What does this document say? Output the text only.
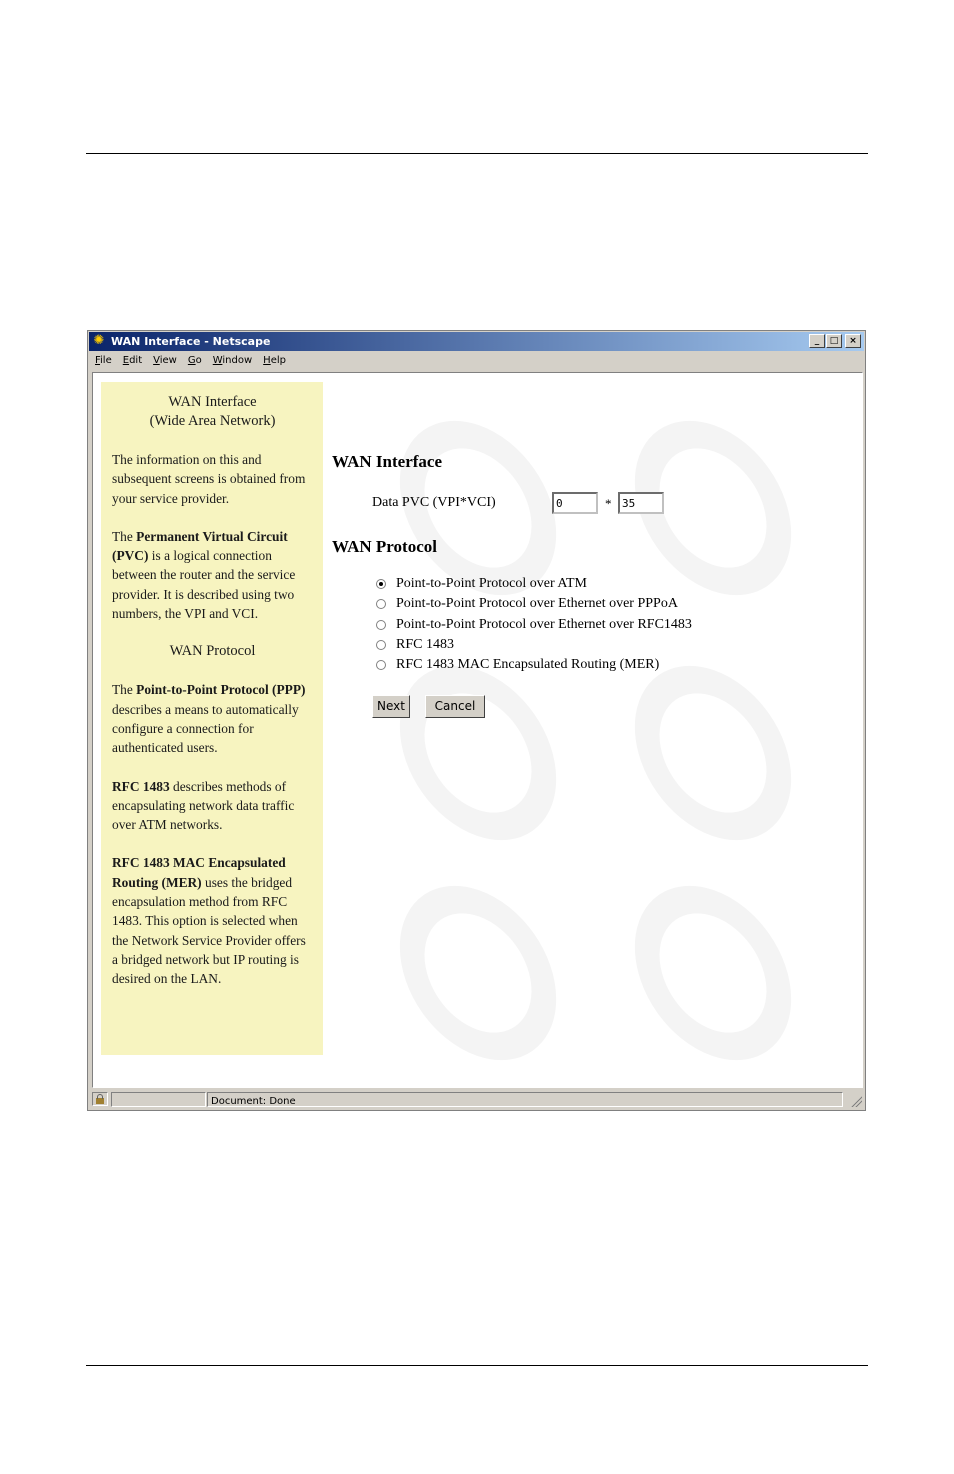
✺ WAN Interface - Netscape	_	□	×
File	Edit	View	Go	Window	Help
WAN Interface
(Wide Area Network)

The information on this and subsequent screens is obtained from your service provider.

The Permanent Virtual Circuit (PVC) is a logical connection between the router and the service provider. It is described using two numbers, the VPI and VCI.

WAN Protocol

The Point-to-Point Protocol (PPP) describes a means to automatically configure a connection for authenticated users.

RFC 1483 describes methods of encapsulating network data traffic over ATM networks.

RFC 1483 MAC Encapsulated Routing (MER) uses the bridged encapsulation method from RFC 1483. This option is selected when the Network Service Provider offers a bridged network but IP routing is desired on the LAN.

WAN Interface
Data PVC (VPI*VCI)	0	* 35
WAN Protocol
Point-to-Point Protocol over ATM
Point-to-Point Protocol over Ethernet over PPPoA
Point-to-Point Protocol over Ethernet over RFC1483
RFC 1483
RFC 1483 MAC Encapsulated Routing (MER)
Next	Cancel
Document: Done
